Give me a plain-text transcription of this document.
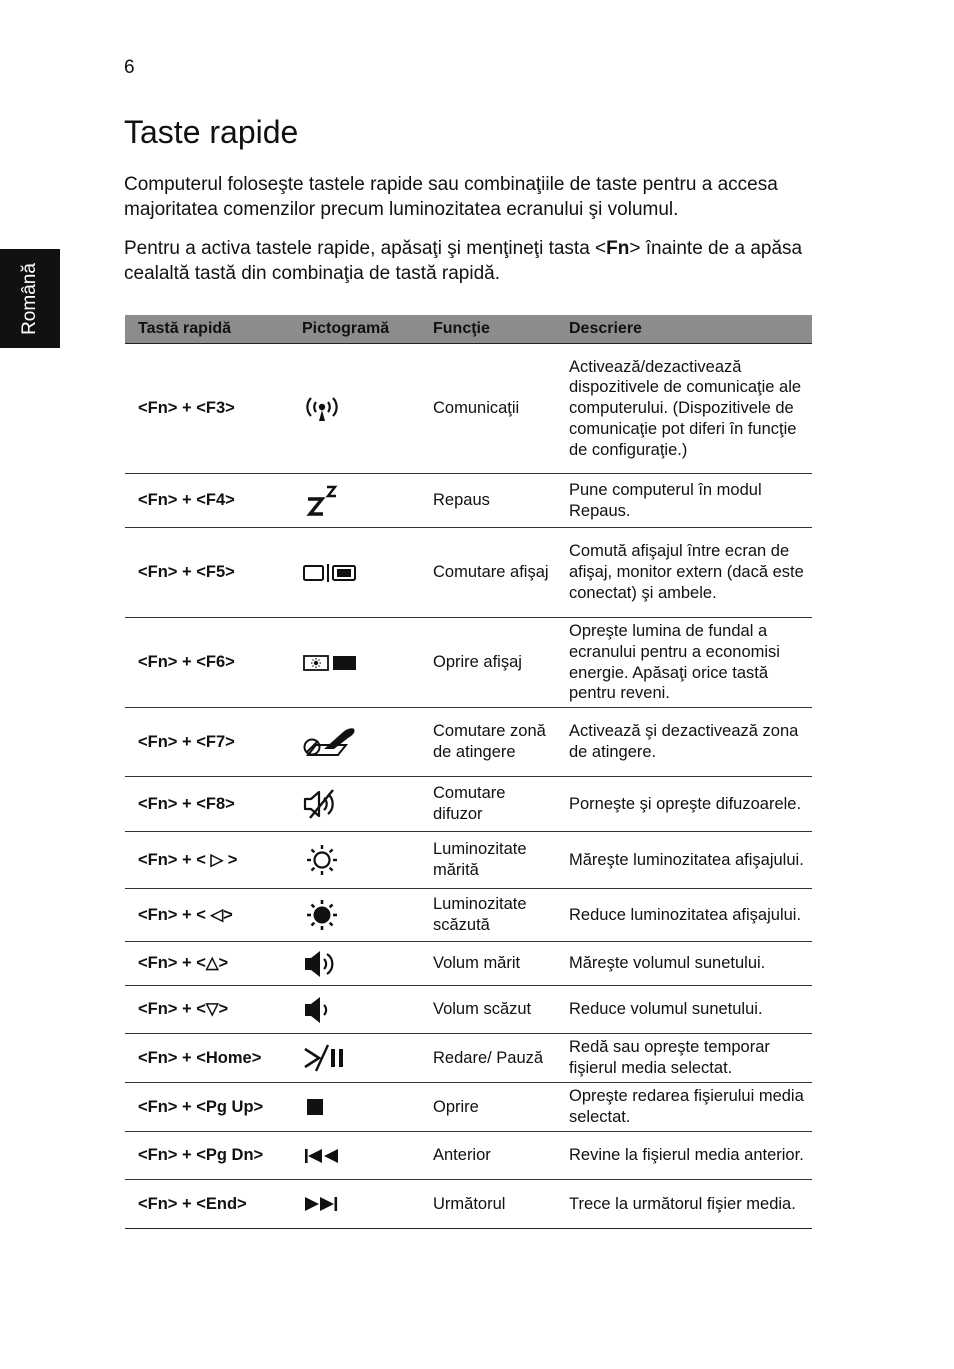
6
Română
Taste rapide

Computerul foloseşte tastele rapide sau combinaţiile de taste pentru a accesa majoritatea comenzilor precum luminozitatea ecranului şi volumul.

Pentru a activa tastele rapide, apăsaţi şi menţineţi tasta <Fn> înainte de a apăsa cealaltă tastă din combinaţia de tastă rapidă.

Tastă rapidă	Pictogramă	Funcţie	Descriere
<Fn> + <F3>		Comunicaţii	Activează/dezactivează dispozitivele de comunicaţie ale computerului. (Dispozitivele de comunicaţie pot diferi în funcţie de configuraţie.)
<Fn> + <F4>		Repaus	Pune computerul în modul Repaus.
<Fn> + <F5>		Comutare afişaj	Comută afişajul între ecran de afişaj, monitor extern (dacă este conectat) şi ambele.
<Fn> + <F6>		Oprire afişaj	Opreşte lumina de fundal a ecranului pentru a economisi energie. Apăsaţi orice tastă pentru reveni.
<Fn> + <F7>		Comutare zonă de atingere	Activează şi dezactivează zona de atingere.
<Fn> + <F8>		Comutare difuzor	Porneşte şi opreşte difuzoarele.
<Fn> + < ▷ >		Luminozitate mărită	Măreşte luminozitatea afişajului.
<Fn> + < ◁>		Luminozitate scăzută	Reduce luminozitatea afişajului.
<Fn> + <△>		Volum mărit	Măreşte volumul sunetului.
<Fn> + <▽>		Volum scăzut	Reduce volumul sunetului.
<Fn> + <Home>		Redare/ Pauză	Redă sau opreşte temporar fişierul media selectat.
<Fn> + <Pg Up>		Oprire	Opreşte redarea fişierului media selectat.
<Fn> + <Pg Dn>		Anterior	Revine la fişierul media anterior.
<Fn> + <End>		Următorul	Trece la următorul fişier media.
